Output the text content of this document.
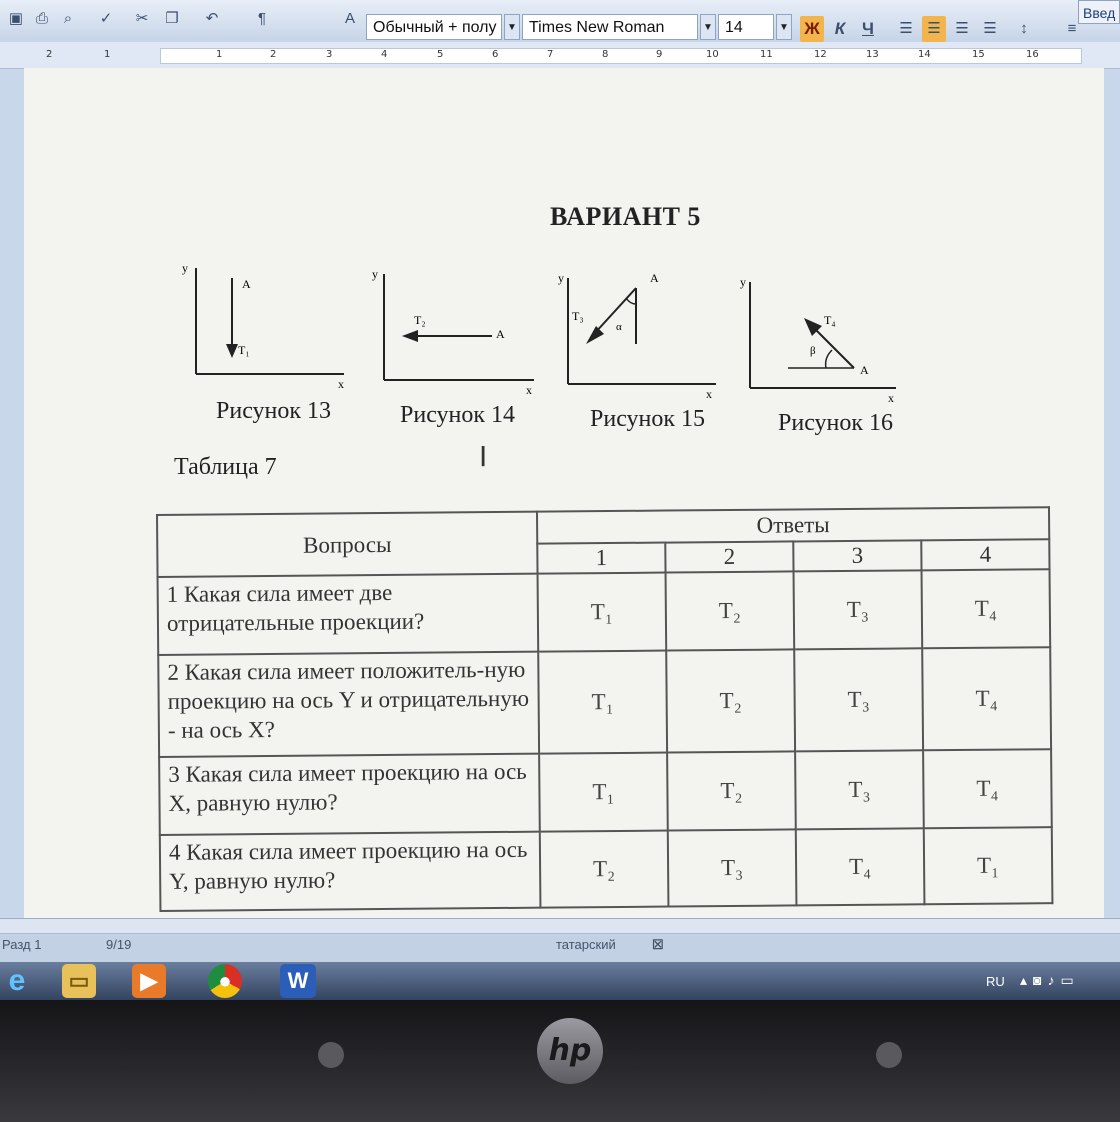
▣ ⎙	⌕	✓	✂	❐	↶	¶	A
Обычный + полу	▼ Times New Roman	▼ 14	▼ Ж К Ч	☰ ☰ ☰ ☰	↕	≡
Введ
2	1	1	2	3	4	5	6	7	8	9	10	11	12	13	14	15	16
ВАРИАНТ 5
y
x
A
T₁
Рисунок 13
y
x
A
T₂
Рисунок 14
y
x
A
T₃
α
Рисунок 15
y
x
A
T₄
β
Рисунок 16
Таблица 7	I
Вопросы	Ответы			
	1	2	3	4
1 Какая сила имеет две отрицательные проекции?	T₁	T₂	T₃	T₄
2 Какая сила имеет положитель-ную проекцию на ось Y и отрицательную - на ось X?	T₁	T₂	T₃	T₄
3 Какая сила имеет проекцию на ось X, равную нулю?	T₁	T₂	T₃	T₄
4 Какая сила имеет проекцию на ось Y, равную нулю?	T₂	T₃	T₄	T₁
Разд 1	9/19	татарский	☒
e	▭	▶	●	W	RU ▴◙♪▭
hp
